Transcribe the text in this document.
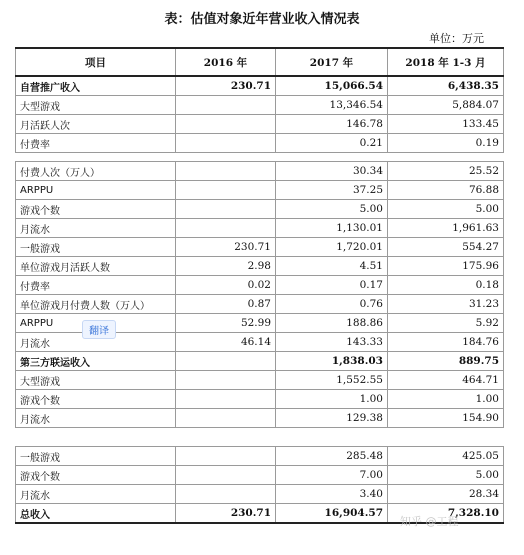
表：估值对象近年营业收入情况表
单位：万元
项目	2016 年	2017 年	2018 年 1-3 月
自营推广收入	230.71	15,066.54	6,438.35
大型游戏		13,346.54	5,884.07
月活跃人次		146.78	133.45
付费率		0.21	0.19

付费人次（万人）		30.34	25.52
ARPPU		37.25	76.88
游戏个数		5.00	5.00
月流水		1,130.01	1,961.63
一般游戏	230.71	1,720.01	554.27
单位游戏月活跃人数	2.98	4.51	175.96
付费率	0.02	0.17	0.18
单位游戏月付费人数（万人）	0.87	0.76	31.23
ARPPU	52.99	188.86	5.92
月流水	46.14	143.33	184.76
第三方联运收入		1,838.03	889.75
大型游戏		1,552.55	464.71
游戏个数		1.00	1.00
月流水		129.38	154.90

一般游戏		285.48	425.05
游戏个数		7.00	5.00
月流水		3.40	28.34
总收入	230.71	16,904.57	7,328.10
翻译
知乎 @工程
